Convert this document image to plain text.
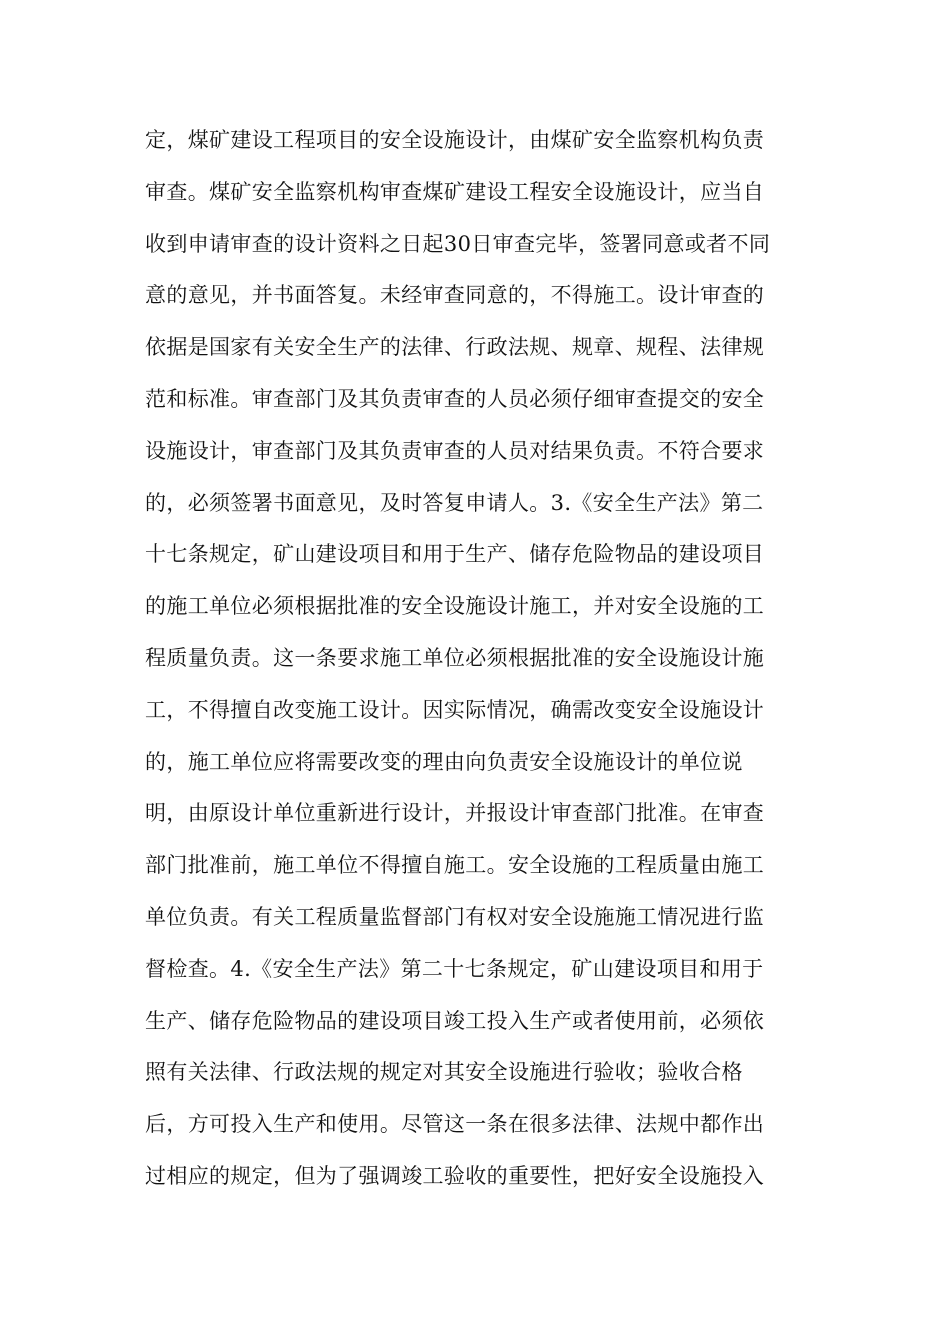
定，煤矿建设工程项目的安全设施设计，由煤矿安全监察机构负责
审查。煤矿安全监察机构审查煤矿建设工程安全设施设计，应当自
收到申请审查的设计资料之日起30日审查完毕，签署同意或者不同
意的意见，并书面答复。未经审查同意的，不得施工。设计审查的
依据是国家有关安全生产的法律、行政法规、规章、规程、法律规
范和标准。审查部门及其负责审查的人员必须仔细审查提交的安全
设施设计，审查部门及其负责审查的人员对结果负责。不符合要求
的，必须签署书面意见，及时答复申请人。3.《安全生产法》第二
十七条规定，矿山建设项目和用于生产、储存危险物品的建设项目
的施工单位必须根据批准的安全设施设计施工，并对安全设施的工
程质量负责。这一条要求施工单位必须根据批准的安全设施设计施
工，不得擅自改变施工设计。因实际情况，确需改变安全设施设计
的，施工单位应将需要改变的理由向负责安全设施设计的单位说
明，由原设计单位重新进行设计，并报设计审查部门批准。在审查
部门批准前，施工单位不得擅自施工。安全设施的工程质量由施工
单位负责。有关工程质量监督部门有权对安全设施施工情况进行监
督检查。4.《安全生产法》第二十七条规定，矿山建设项目和用于
生产、储存危险物品的建设项目竣工投入生产或者使用前，必须依
照有关法律、行政法规的规定对其安全设施进行验收；验收合格
后，方可投入生产和使用。尽管这一条在很多法律、法规中都作出
过相应的规定，但为了强调竣工验收的重要性，把好安全设施投入
